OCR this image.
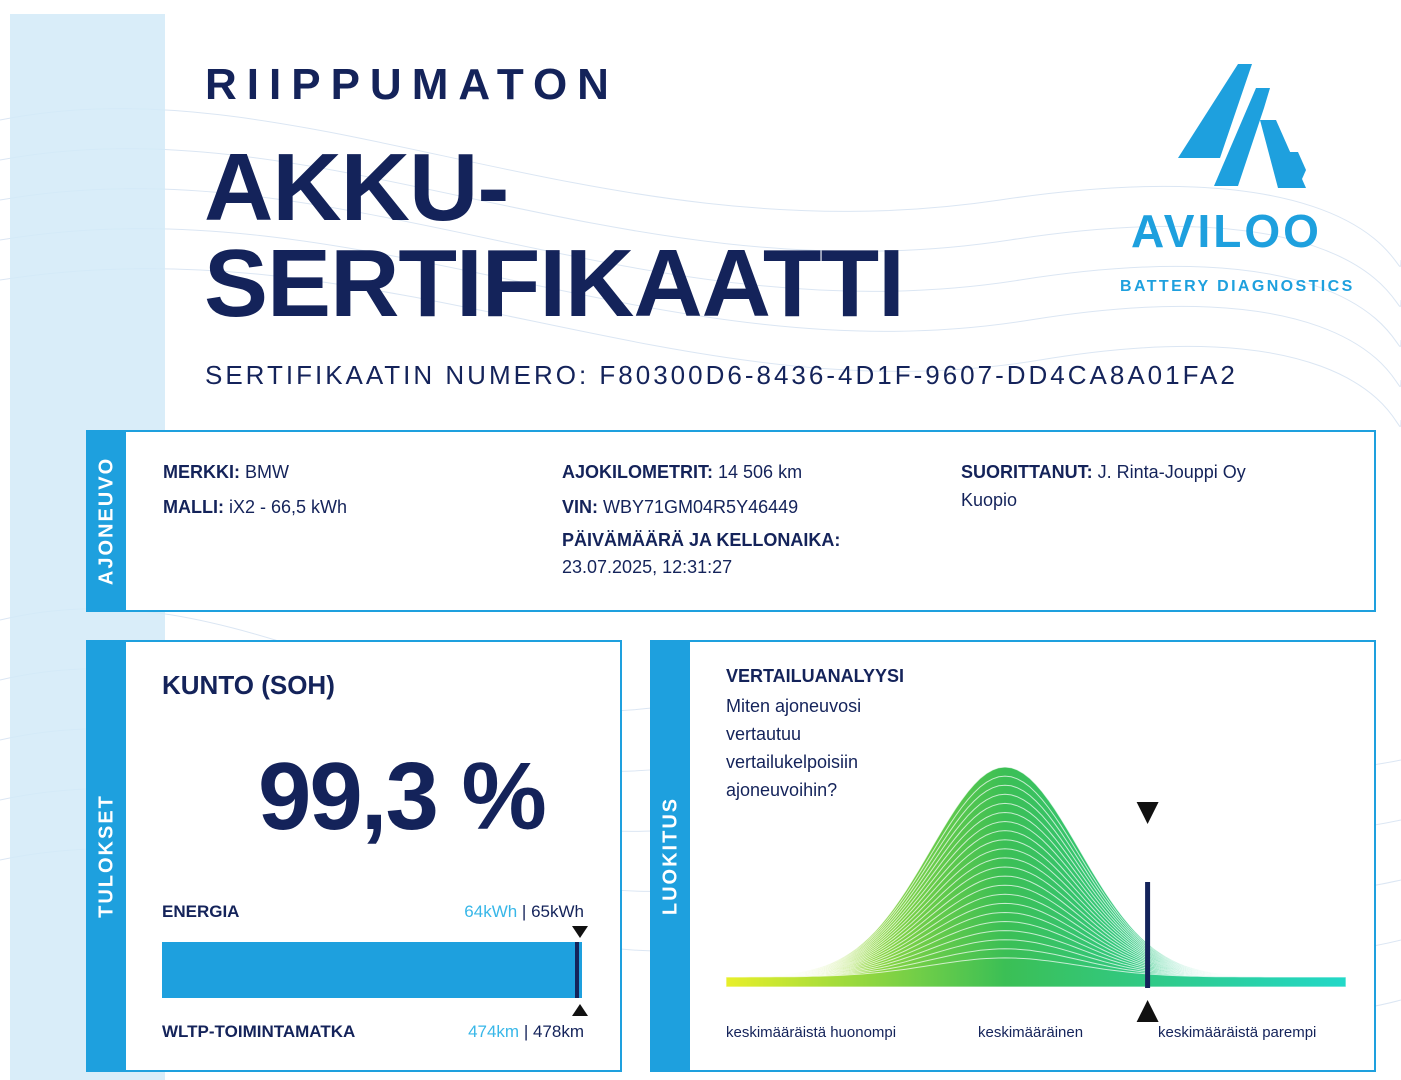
RIIPPUMATON
AKKU-
SERTIFIKAATTI
SERTIFIKAATIN NUMERO: F80300D6-8436-4D1F-9607-DD4CA8A01FA2
AVILOO
BATTERY DIAGNOSTICS
AJONEUVO	MERKKI: BMW
MALLI: iX2 - 66,5 kWh
AJOKILOMETRIT: 14 506 km
VIN: WBY71GM04R5Y46449
PÄIVÄMÄÄRÄ JA KELLONAIKA:
23.07.2025, 12:31:27
SUORITTANUT: J. Rinta-Jouppi Oy
Kuopio
TULOKSET
KUNTO (SOH)
99,3 %
ENERGIA	64kWh | 65kWh
WLTP-TOIMINTAMATKA	474km | 478km
LUOKITUS
VERTAILUANALYYSI
Miten ajoneuvosi vertautuu vertailukelpoisiin ajoneuvoihin?
keskimääräistä huonompi	keskimääräinen	keskimääräistä parempi
